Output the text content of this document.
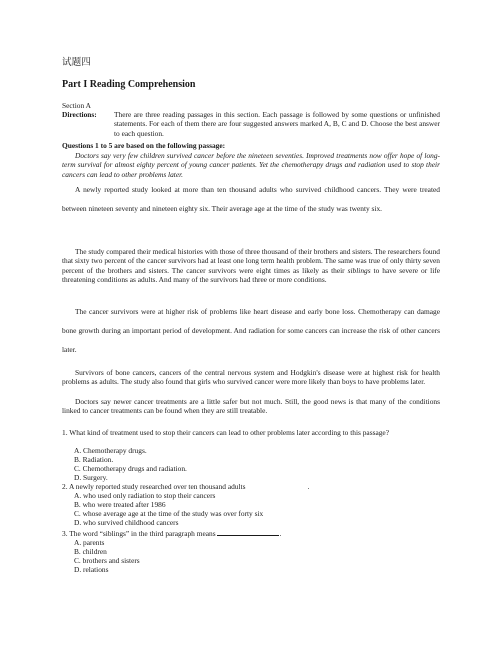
试题四
Part I Reading Comprehension
Section A
Directions: There are three reading passages in this section. Each passage is followed by some questions or unfinished statements. For each of them there are four suggested answers marked A, B, C and D. Choose the best answer to each question.
Questions 1 to 5 are based on the following passage:
Doctors say very few children survived cancer before the nineteen seventies. Improved treatments now offer hope of long-term survival for almost eighty percent of young cancer patients. Yet the chemotherapy drugs and radiation used to stop their cancers can lead to other problems later.
A newly reported study looked at more than ten thousand adults who survived childhood cancers. They were treated between nineteen seventy and nineteen eighty six. Their average age at the time of the study was twenty six.
The study compared their medical histories with those of three thousand of their brothers and sisters. The researchers found that sixty two percent of the cancer survivors had at least one long term health problem. The same was true of only thirty seven percent of the brothers and sisters. The cancer survivors were eight times as likely as their siblings to have severe or life threatening conditions as adults. And many of the survivors had three or more conditions.
The cancer survivors were at higher risk of problems like heart disease and early bone loss. Chemotherapy can damage bone growth during an important period of development. And radiation for some cancers can increase the risk of other cancers later.
Survivors of bone cancers, cancers of the central nervous system and Hodgkin's disease were at highest risk for health problems as adults. The study also found that girls who survived cancer were more likely than boys to have problems later.
Doctors say newer cancer treatments are a little safer but not much. Still, the good news is that many of the conditions linked to cancer treatments can be found when they are still treatable.
1. What kind of treatment used to stop their cancers can lead to other problems later according to this passage?
A. Chemotherapy drugs.
B. Radiation.
C. Chemotherapy drugs and radiation.
D. Surgery.
2. A newly reported study researched over ten thousand adults	.
A. who used only radiation to stop their cancers
B. who were treated after 1986
C. whose average age at the time of the study was over forty six
D. who survived childhood cancers
3. The word “siblings” in the third paragraph means	.
A. parents
B. children
C. brothers and sisters
D. relations
